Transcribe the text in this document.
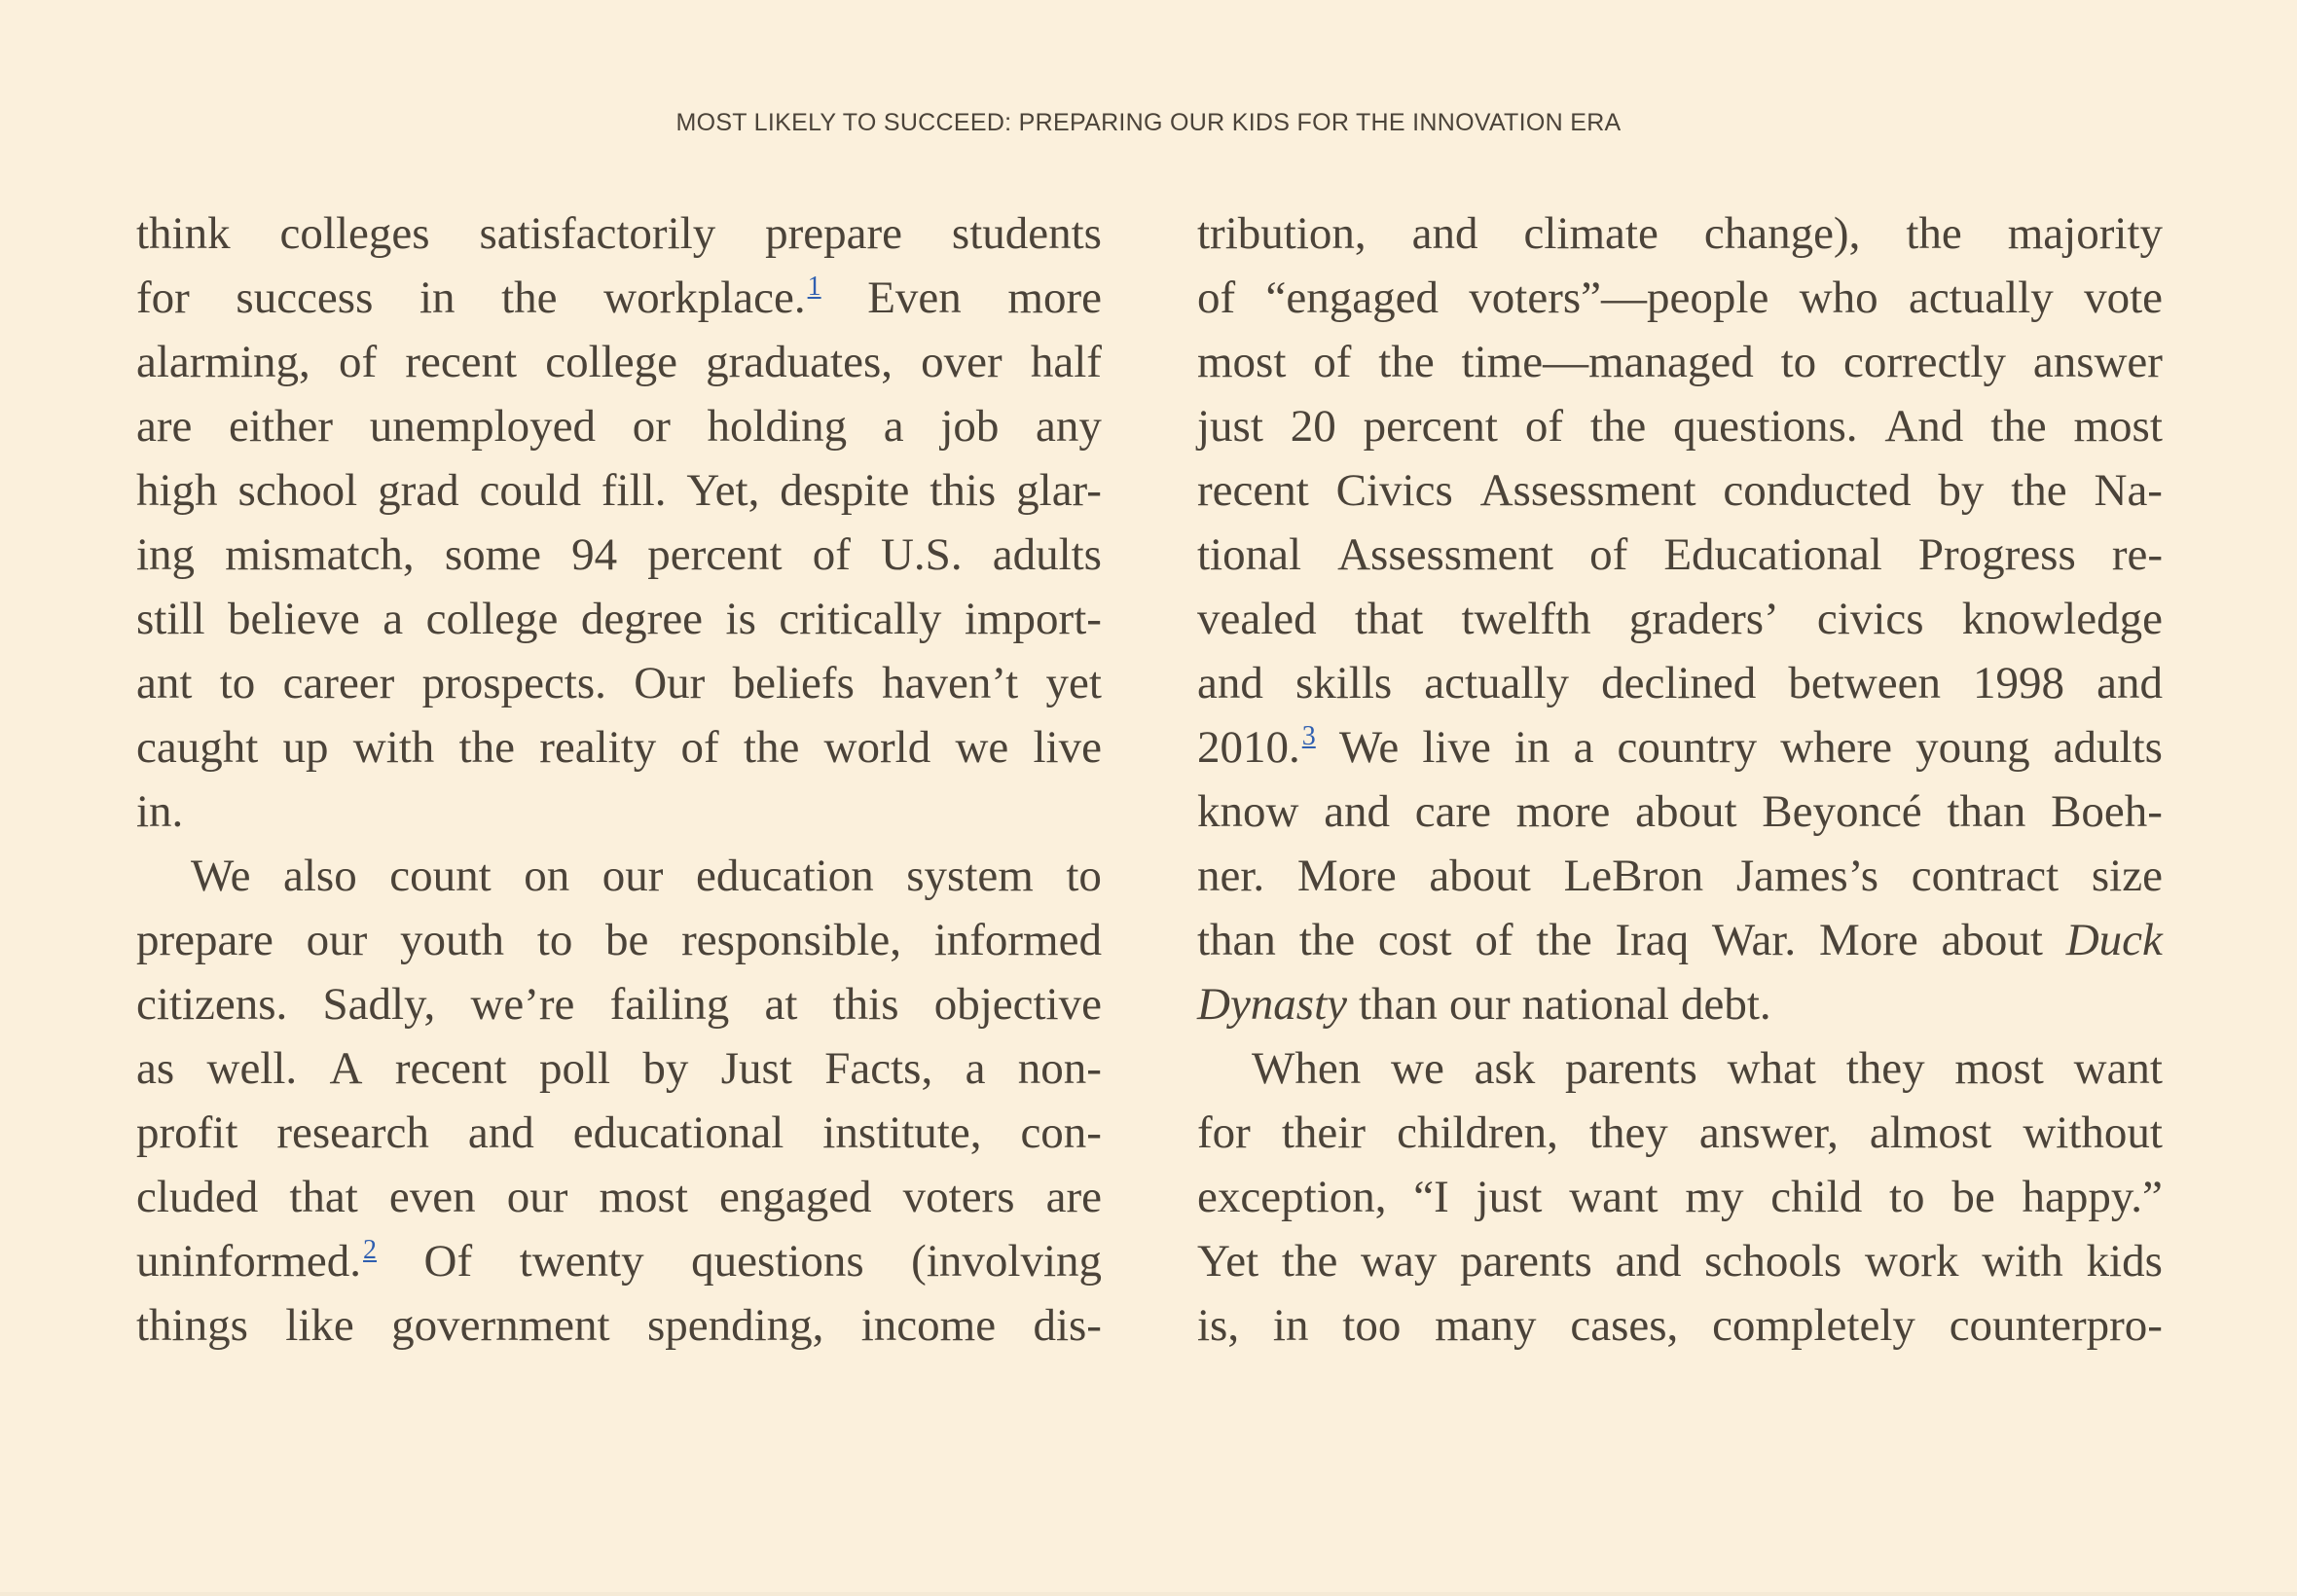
MOST LIKELY TO SUCCEED: PREPARING OUR KIDS FOR THE INNOVATION ERA
think colleges satisfactorily prepare students
for success in the workplace.$^1$ Even more
alarming, of recent college graduates, over half
are either unemployed or holding a job any
high school grad could fill. Yet, despite this glar-
ing mismatch, some 94 percent of U.S. adults
still believe a college degree is critically import-
ant to career prospects. Our beliefs haven’t yet
caught up with the reality of the world we live
in.
We also count on our education system to
prepare our youth to be responsible, informed
citizens. Sadly, we’re failing at this objective
as well. A recent poll by Just Facts, a non-
profit research and educational institute, con-
cluded that even our most engaged voters are
uninformed.$^2$ Of twenty questions (involving
things like government spending, income dis-
tribution, and climate change), the majority
of “engaged voters”—people who actually vote
most of the time—managed to correctly answer
just 20 percent of the questions. And the most
recent Civics Assessment conducted by the Na-
tional Assessment of Educational Progress re-
vealed that twelfth graders’ civics knowledge
and skills actually declined between 1998 and
2010.$^3$ We live in a country where young adults
know and care more about Beyoncé than Boeh-
ner. More about LeBron James’s contract size
than the cost of the Iraq War. More about Duck
Dynasty than our national debt.
When we ask parents what they most want
for their children, they answer, almost without
exception, “I just want my child to be happy.”
Yet the way parents and schools work with kids
is, in too many cases, completely counterpro-
